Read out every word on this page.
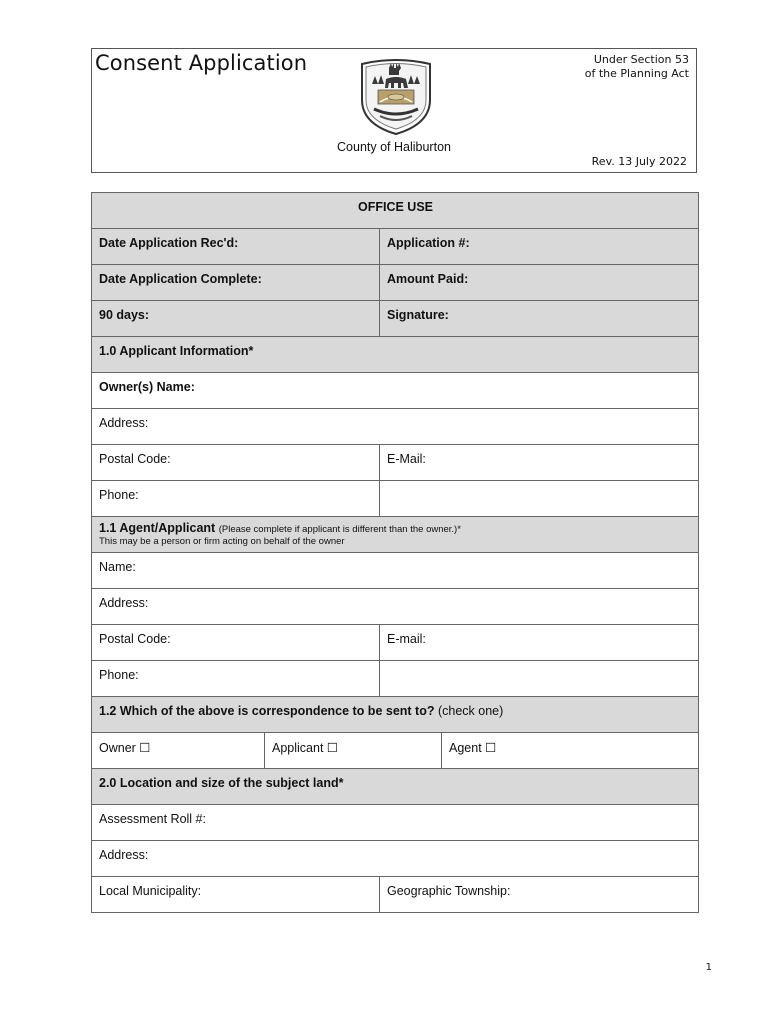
Consent Application	Under Section 53
of the Planning Act
County of Haliburton
Rev. 13 July 2022
OFFICE USE			
Date Application Rec'd:		Application #:	
Date Application Complete:		Amount Paid:	
90 days:		Signature:	
1.0 Applicant Information*			
Owner(s) Name:			
Address:			
Postal Code:		E-Mail:	
Phone:			
1.1 Agent/Applicant (Please complete if applicant is different than the owner.)*
This may be a person or firm acting on behalf of the owner			

Name:			
Address:			
Postal Code:		E-mail:	
Phone:			
1.2 Which of the above is correspondence to be sent to? (check one)			
Owner ☐	Applicant ☐		Agent ☐
2.0 Location and size of the subject land*			
Assessment Roll #:			
Address:			
Local Municipality:		Geographic Township:	
1
